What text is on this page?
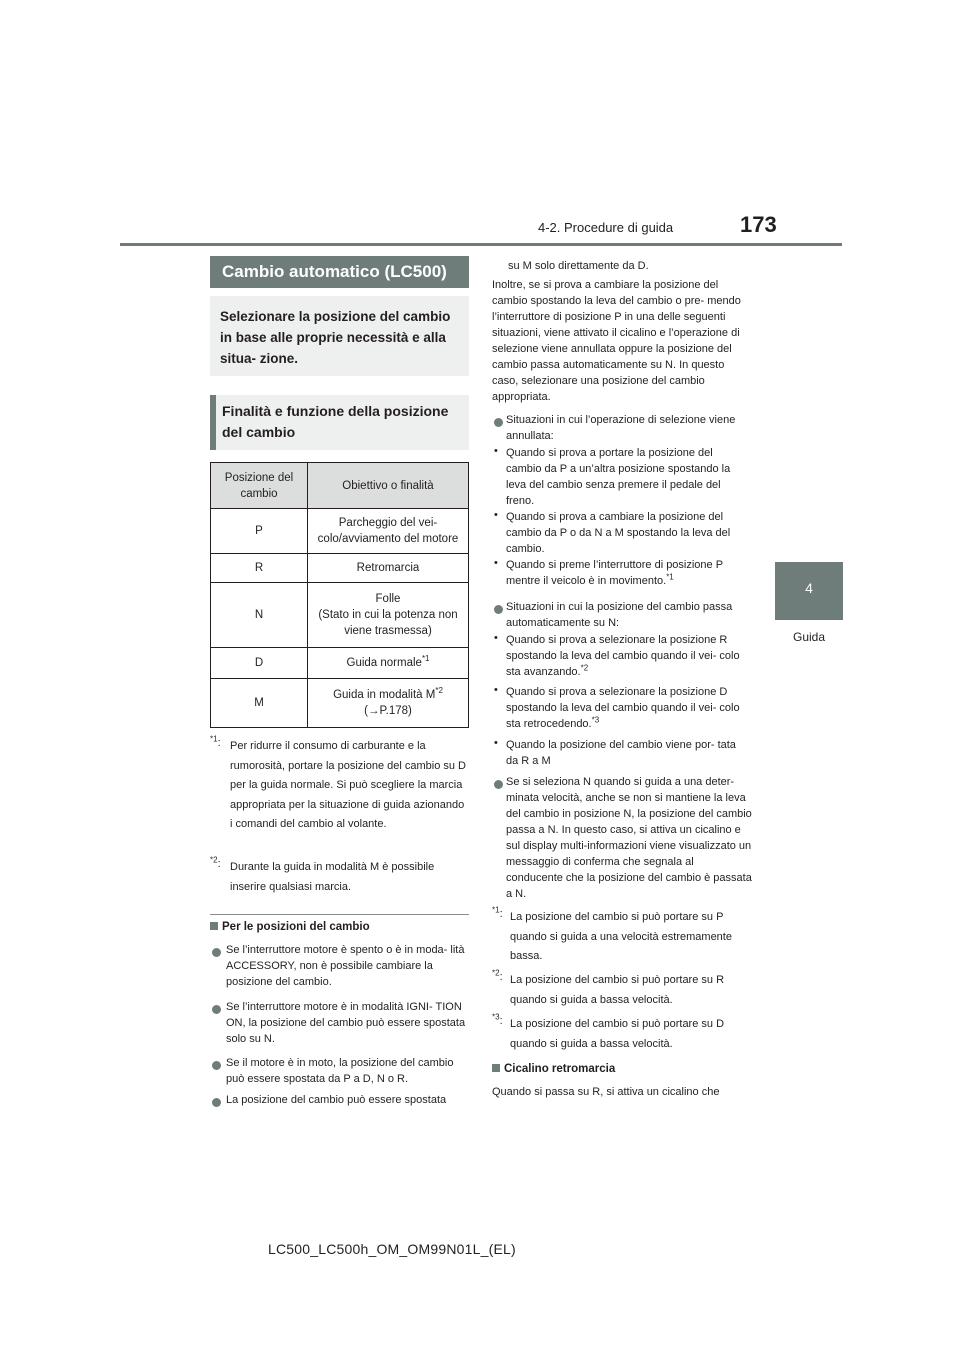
4-2. Procedure di guida	173
4
Guida
Cambio automatico (LC500)
Selezionare la posizione del cambio in base alle proprie necessità e alla situa- zione.
Finalità e funzione della posizione del cambio
Posizione del cambio	Obiettivo o finalità
P	Parcheggio del vei- colo/avviamento del motore
R	Retromarcia
N	Folle
(Stato in cui la potenza non viene trasmessa)

D	Guida normale$^{*1}$
M	Guida in modalità $M^{*2}$
(→P.178)
$^{*1}$: Per ridurre il consumo di carburante e la rumorosità, portare la posizione del cambio su D per la guida normale. Si può scegliere la marcia appropriata per la situazione di guida azionando i comandi del cambio al volante.
$^{*2}$: Durante la guida in modalità M è possibile inserire qualsiasi marcia.
Per le posizioni del cambio
Se l’interruttore motore è spento o è in moda- lità ACCESSORY, non è possibile cambiare la posizione del cambio.
Se l’interruttore motore è in modalità IGNI- TION ON, la posizione del cambio può essere spostata solo su N.
Se il motore è in moto, la posizione del cambio può essere spostata da P a D, N o R.
La posizione del cambio può essere spostata
su M solo direttamente da D.
Inoltre, se si prova a cambiare la posizione del cambio spostando la leva del cambio o pre- mendo l’interruttore di posizione P in una delle seguenti situazioni, viene attivato il cicalino e l’operazione di selezione viene annullata oppure la posizione del cambio passa automaticamente su N. In questo caso, selezionare una posizione del cambio appropriata.
Situazioni in cui l’operazione di selezione viene annullata:
• Quando si prova a portare la posizione del cambio da P a un’altra posizione spostando la leva del cambio senza premere il pedale del freno.
• Quando si prova a cambiare la posizione del cambio da P o da N a M spostando la leva del cambio.
• Quando si preme l’interruttore di posizione P mentre il veicolo è in movimento.$^{*1}$
Situazioni in cui la posizione del cambio passa automaticamente su N:
• Quando si prova a selezionare la posizione R spostando la leva del cambio quando il vei- colo sta avanzando.$^{*2}$
• Quando si prova a selezionare la posizione D spostando la leva del cambio quando il vei- colo sta retrocedendo.$^{*3}$
• Quando la posizione del cambio viene por- tata da R a M
Se si seleziona N quando si guida a una deter- minata velocità, anche se non si mantiene la leva del cambio in posizione N, la posizione del cambio passa a N. In questo caso, si attiva un cicalino e sul display multi-informazioni viene visualizzato un messaggio di conferma che segnala al conducente che la posizione del cambio è passata a N.
$^{*1}$: La posizione del cambio si può portare su P quando si guida a una velocità estremamente bassa.
$^{*2}$: La posizione del cambio si può portare su R quando si guida a bassa velocità.
$^{*3}$: La posizione del cambio si può portare su D quando si guida a bassa velocità.
Cicalino retromarcia
Quando si passa su R, si attiva un cicalino che
LC500_LC500h_OM_OM99N01L_(EL)
